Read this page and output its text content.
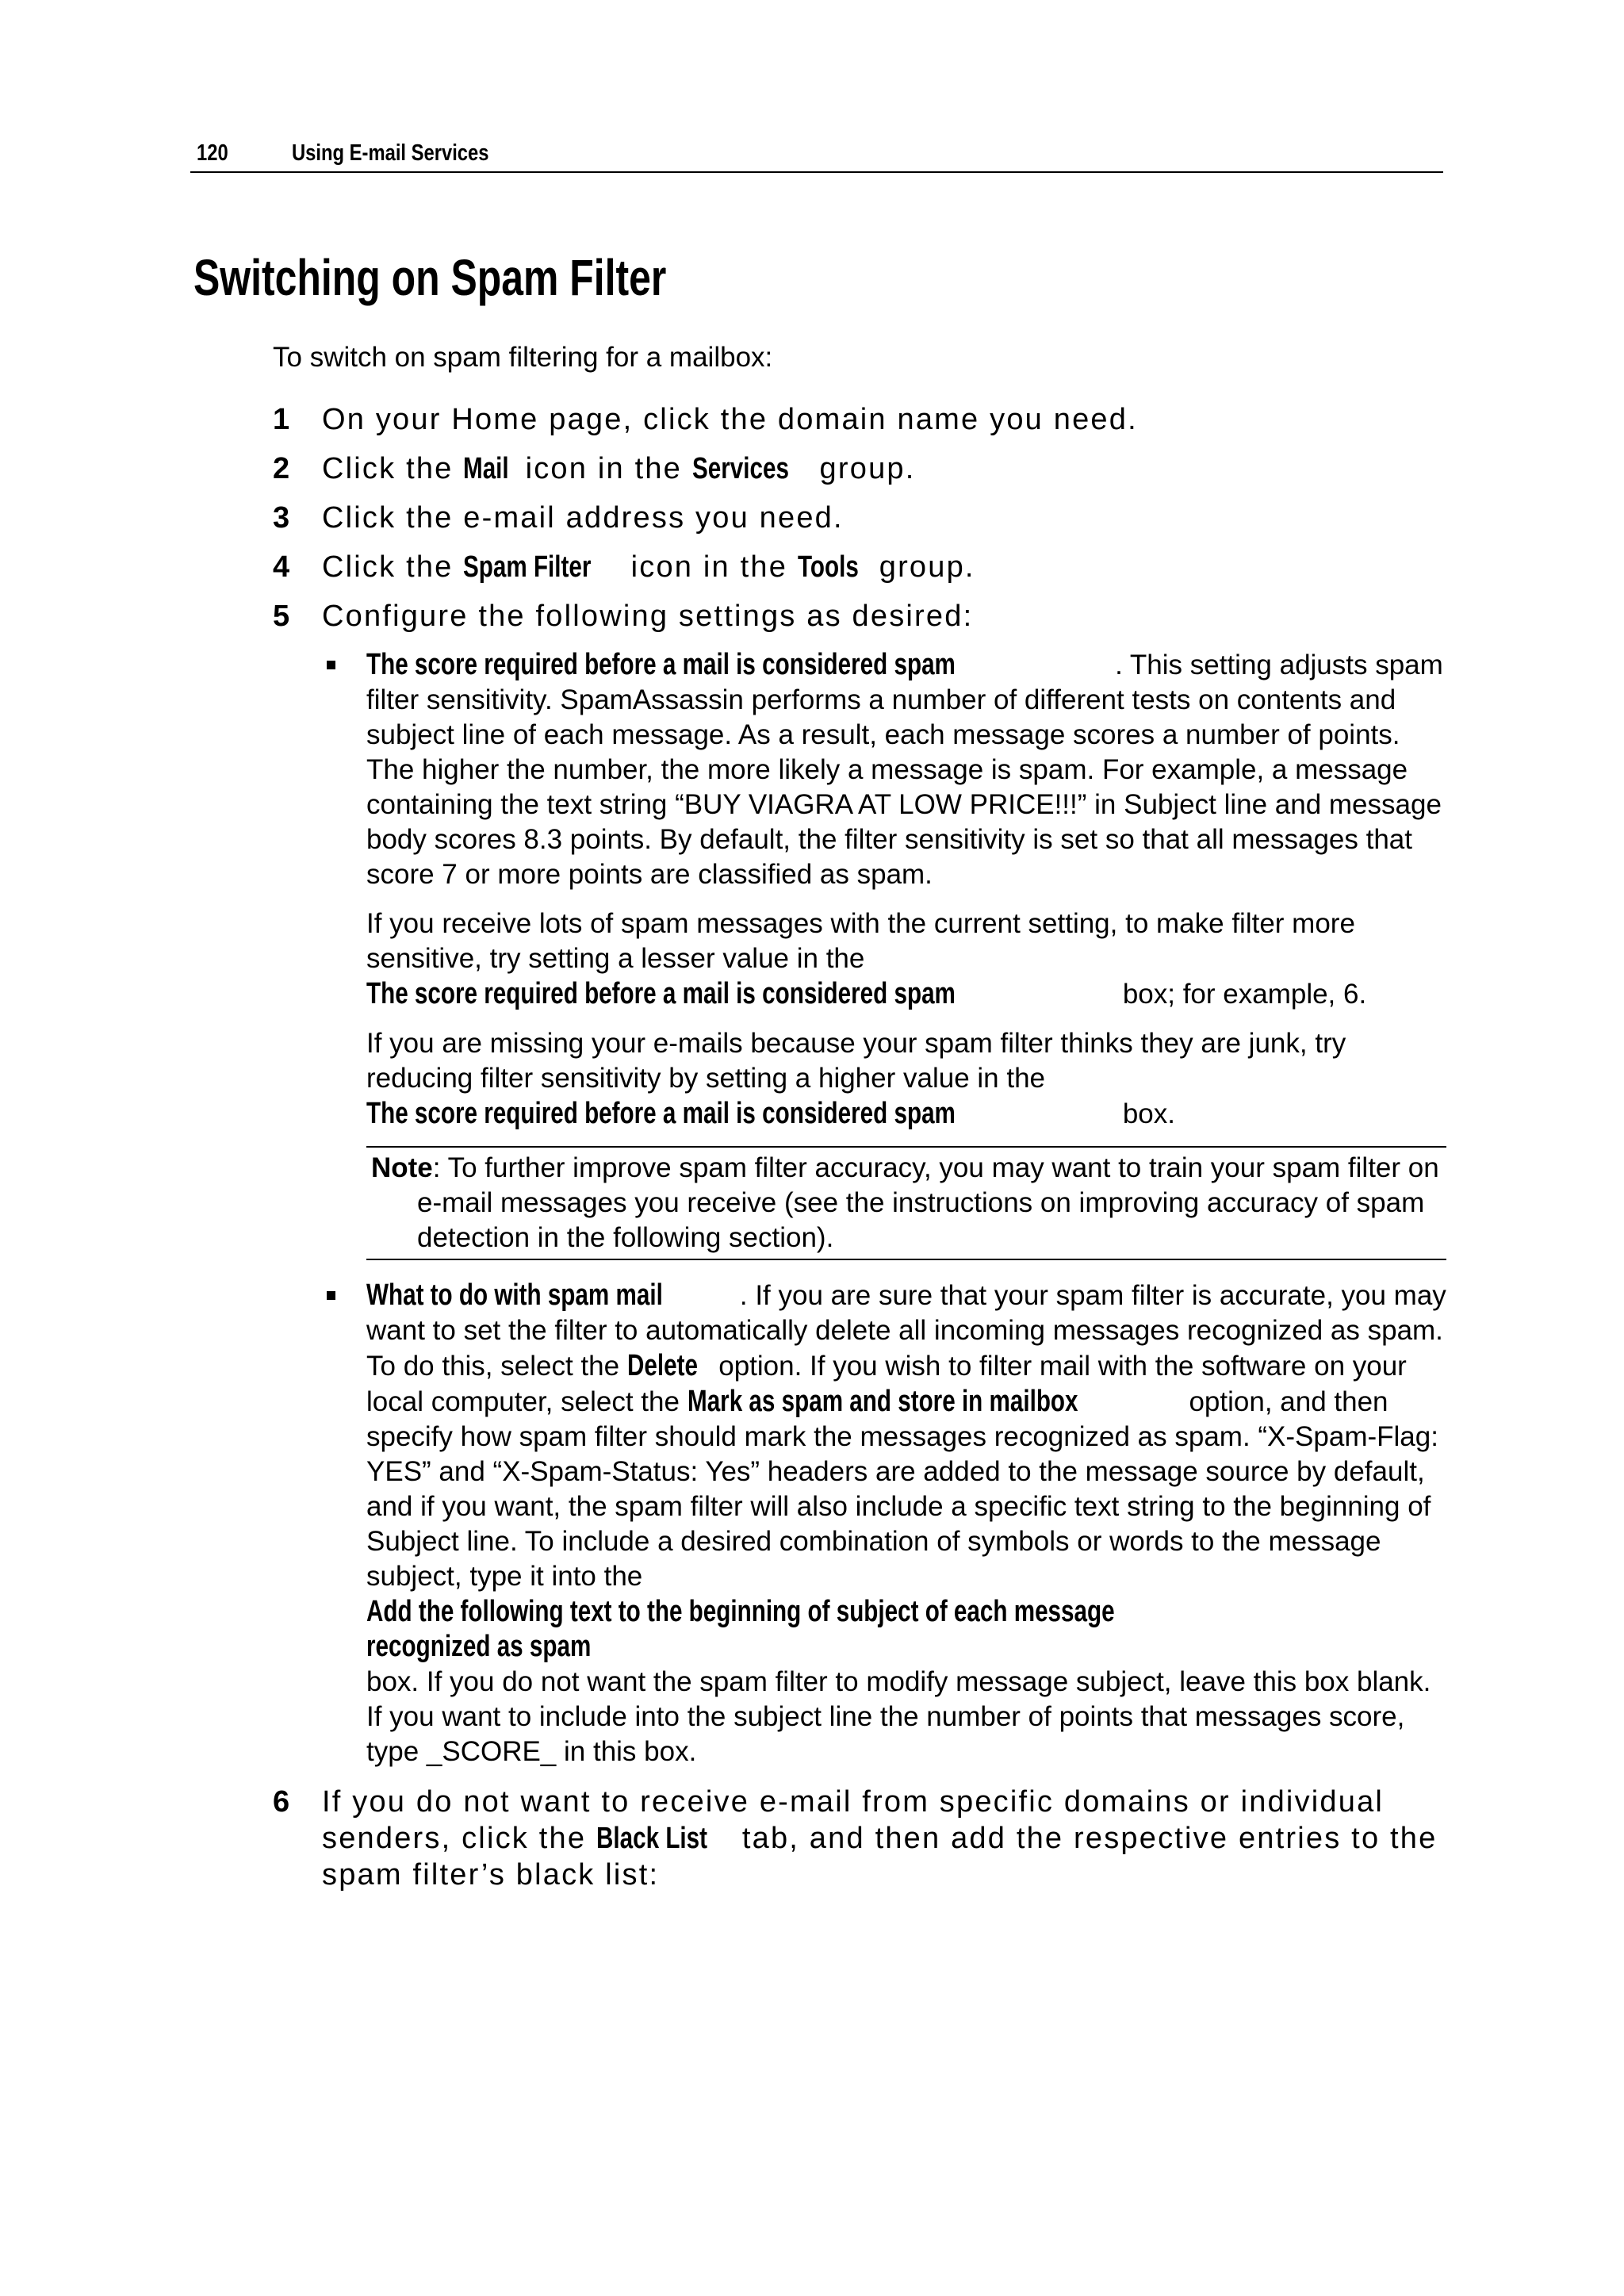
120	Using E-mail Services
Switching on Spam Filter

To switch on spam filtering for a mailbox:

1 On your Home page, click the domain name you need.
2 Click the Mail icon in the Services group.
3 Click the e-mail address you need.
4 Click the Spam Filter icon in the Tools group.
5 Configure the following settings as desired:

The score required before a mail is considered spam	. This setting adjusts spam filter sensitivity. SpamAssassin performs a number of different tests on contents and subject line of each message. As a result, each message scores a number of points. The higher the number, the more likely a message is spam. For example, a message containing the text string “BUY VIAGRA AT LOW PRICE!!!” in Subject line and message body scores 8.3 points. By default, the filter sensitivity is set so that all messages that score 7 or more points are classified as spam.

If you receive lots of spam messages with the current setting, to make filter more sensitive, try setting a lesser value in the The score required before a mail is considered spam	box; for example, 6.

If you are missing your e-mails because your spam filter thinks they are junk, try reducing filter sensitivity by setting a higher value in the The score required before a mail is considered spam	box.

Note: To further improve spam filter accuracy, you may want to train your spam filter on e-mail messages you receive (see the instructions on improving accuracy of spam detection in the following section).

What to do with spam mail	. If you are sure that your spam filter is accurate, you may want to set the filter to automatically delete all incoming messages recognized as spam. To do this, select the Delete option. If you wish to filter mail with the software on your local computer, select the Mark as spam and store in mailbox	option, and then specify how spam filter should mark the messages recognized as spam. “X-Spam-Flag: YES” and “X-Spam-Status: Yes” headers are added to the message source by default, and if you want, the spam filter will also include a specific text string to the beginning of Subject line. To include a desired combination of symbols or words to the message subject, type it into the Add the following text to the beginning of subject of each message recognized as spam box. If you do not want the spam filter to modify message subject, leave this box blank. If you want to include into the subject line the number of points that messages score, type _SCORE_ in this box.

6 If you do not want to receive e-mail from specific domains or individual senders, click the Black List tab, and then add the respective entries to the spam filter’s black list:
